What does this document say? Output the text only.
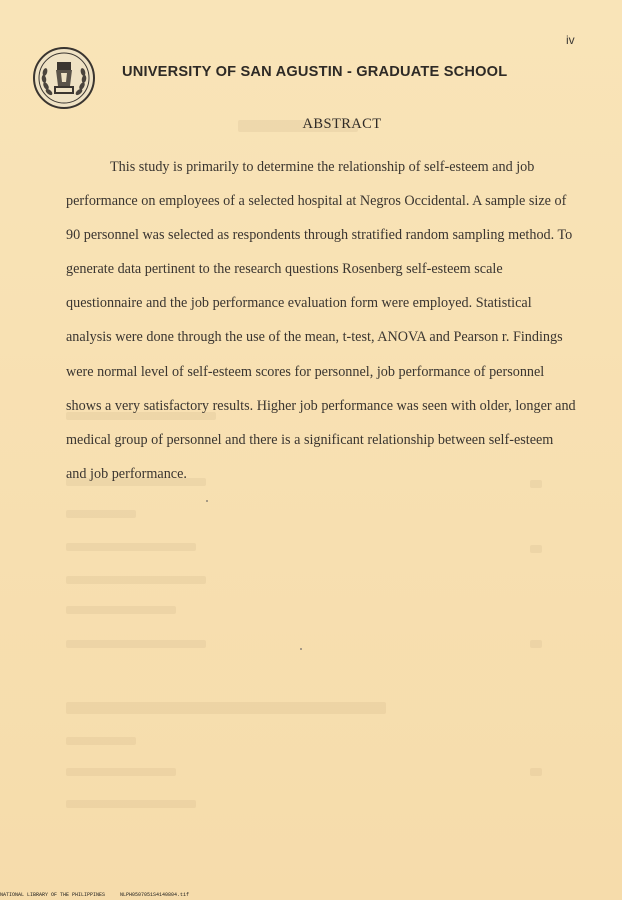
iv
UNIVERSITY OF SAN AGUSTIN - GRADUATE SCHOOL
ABSTRACT

This study is primarily to determine the relationship of self-esteem and job
performance on employees of a selected hospital at Negros Occidental. A sample size of
90 personnel was selected as respondents through stratified random sampling method. To
generate data pertinent to the research questions Rosenberg self-esteem scale
questionnaire and the job performance evaluation form were employed. Statistical
analysis were done through the use of the mean, t-test, ANOVA and Pearson r. Findings
were normal level of self-esteem scores for personnel, job performance of personnel
shows a very satisfactory results. Higher job performance was seen with older, longer and
medical group of personnel and there is a significant relationship between self-esteem
and job performance.

NATIONAL LIBRARY OF THE PHILIPPINES	NLPH0507051S4140804.tif
